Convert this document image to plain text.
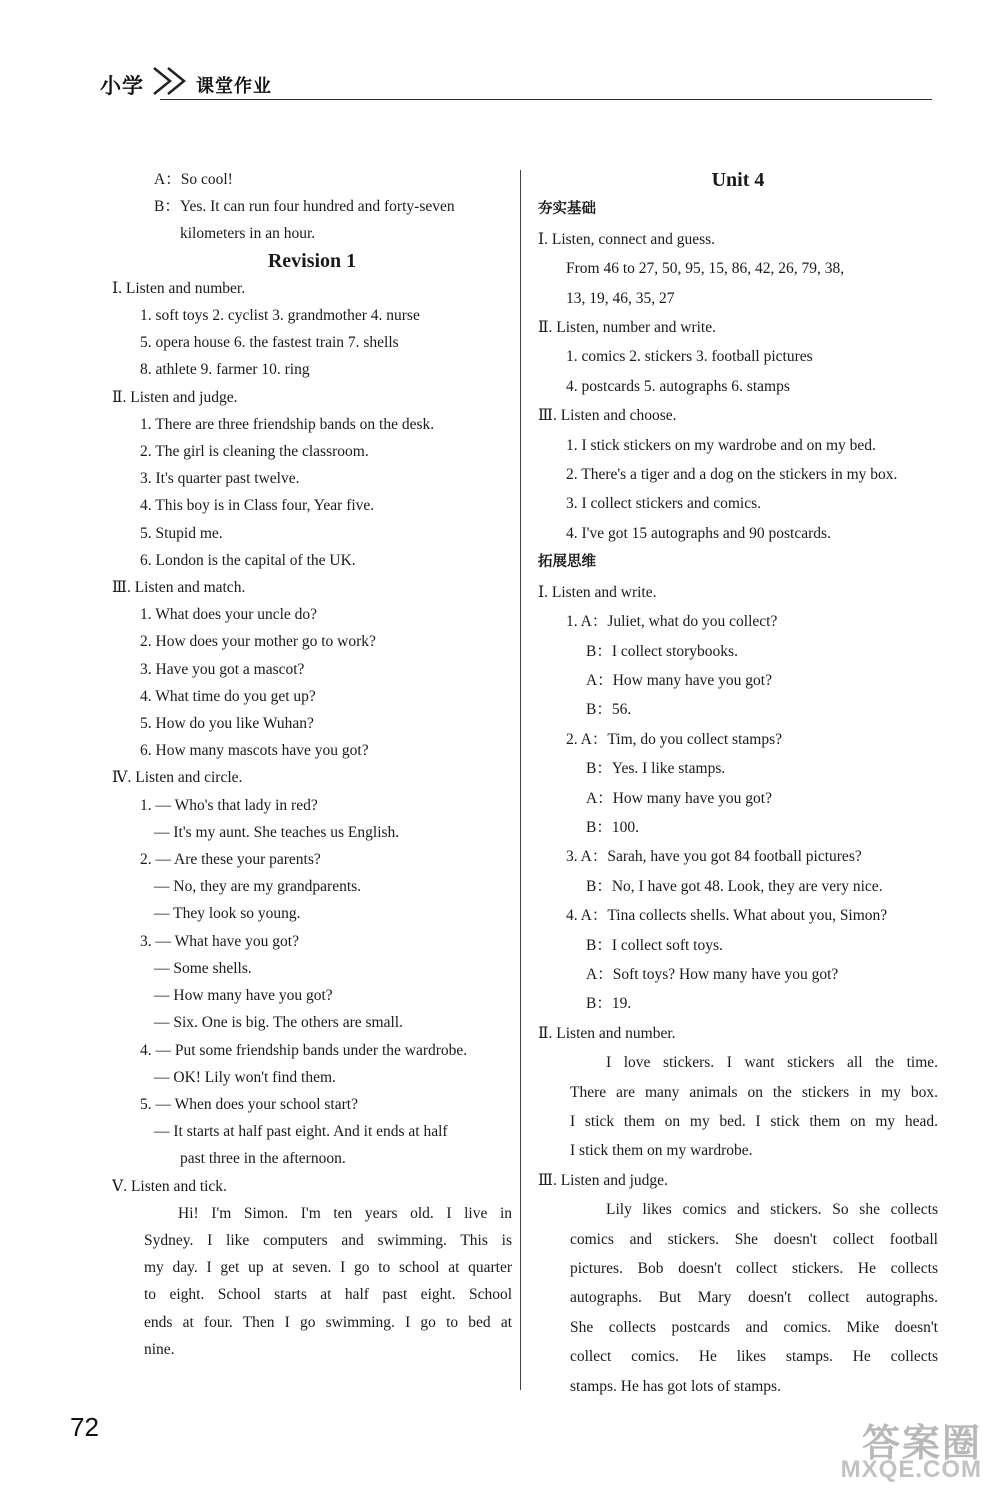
小学	课堂作业
A：So cool!
B：Yes. It can run four hundred and forty-seven
kilometers in an hour.
Revision 1
Ⅰ. Listen and number.
1. soft toys 2. cyclist 3. grandmother 4. nurse
5. opera house 6. the fastest train 7. shells
8. athlete 9. farmer 10. ring
Ⅱ. Listen and judge.
1. There are three friendship bands on the desk.
2. The girl is cleaning the classroom.
3. It's quarter past twelve.
4. This boy is in Class four, Year five.
5. Stupid me.
6. London is the capital of the UK.
Ⅲ. Listen and match.
1. What does your uncle do?
2. How does your mother go to work?
3. Have you got a mascot?
4. What time do you get up?
5. How do you like Wuhan?
6. How many mascots have you got?
Ⅳ. Listen and circle.
1. — Who's that lady in red?
— It's my aunt. She teaches us English.
2. — Are these your parents?
— No, they are my grandparents.
— They look so young.
3. — What have you got?
— Some shells.
— How many have you got?
— Six. One is big. The others are small.
4. — Put some friendship bands under the wardrobe.
— OK! Lily won't find them.
5. — When does your school start?
— It starts at half past eight. And it ends at half
past three in the afternoon.
Ⅴ. Listen and tick.
Hi! I'm Simon. I'm ten years old. I live in
Sydney. I like computers and swimming. This is
my day. I get up at seven. I go to school at quarter
to eight. School starts at half past eight. School
ends at four. Then I go swimming. I go to bed at
nine.
Unit 4
夯实基础
Ⅰ. Listen, connect and guess.
From 46 to 27, 50, 95, 15, 86, 42, 26, 79, 38,
13, 19, 46, 35, 27
Ⅱ. Listen, number and write.
1. comics 2. stickers 3. football pictures
4. postcards 5. autographs 6. stamps
Ⅲ. Listen and choose.
1. I stick stickers on my wardrobe and on my bed.
2. There's a tiger and a dog on the stickers in my box.
3. I collect stickers and comics.
4. I've got 15 autographs and 90 postcards.
拓展思维
Ⅰ. Listen and write.
1. A：Juliet, what do you collect?
B：I collect storybooks.
A：How many have you got?
B：56.
2. A：Tim, do you collect stamps?
B：Yes. I like stamps.
A：How many have you got?
B：100.
3. A：Sarah, have you got 84 football pictures?
B：No, I have got 48. Look, they are very nice.
4. A：Tina collects shells. What about you, Simon?
B：I collect soft toys.
A：Soft toys? How many have you got?
B：19.
Ⅱ. Listen and number.
I love stickers. I want stickers all the time.
There are many animals on the stickers in my box.
I stick them on my bed. I stick them on my head.
I stick them on my wardrobe.
Ⅲ. Listen and judge.
Lily likes comics and stickers. So she collects
comics and stickers. She doesn't collect football
pictures. Bob doesn't collect stickers. He collects
autographs. But Mary doesn't collect autographs.
She collects postcards and comics. Mike doesn't
collect comics. He likes stamps. He collects
stamps. He has got lots of stamps.
72	答案圈
MXQE.COM
